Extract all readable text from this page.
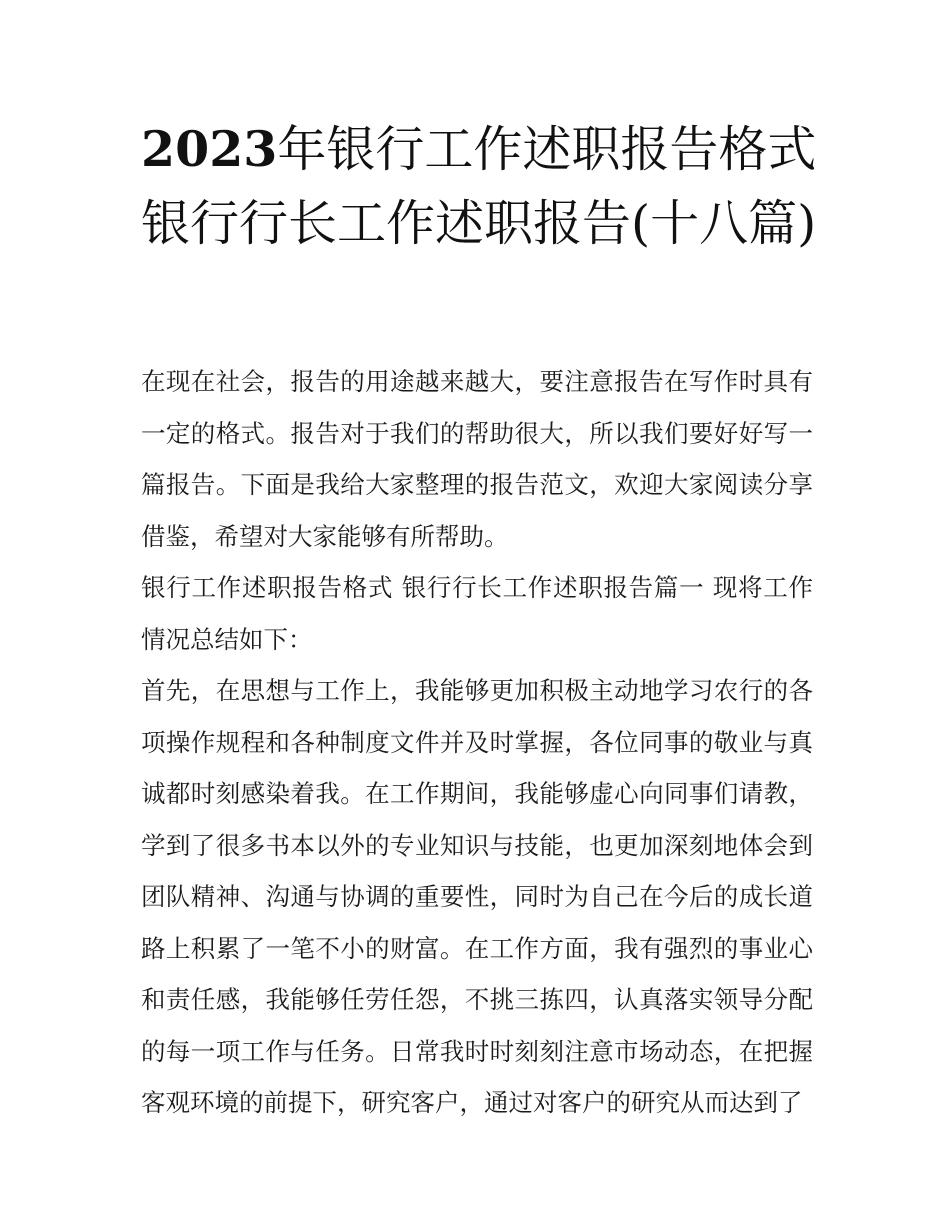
2023年银行工作述职报告格式银行行长工作述职报告(十八篇)

在现在社会，报告的用途越来越大，要注意报告在写作时具有一定的格式。报告对于我们的帮助很大，所以我们要好好写一篇报告。下面是我给大家整理的报告范文，欢迎大家阅读分享借鉴，希望对大家能够有所帮助。

银行工作述职报告格式 银行行长工作述职报告篇一 现将工作情况总结如下：

首先，在思想与工作上，我能够更加积极主动地学习农行的各项操作规程和各种制度文件并及时掌握，各位同事的敬业与真诚都时刻感染着我。在工作期间，我能够虚心向同事们请教，学到了很多书本以外的专业知识与技能，也更加深刻地体会到团队精神、沟通与协调的重要性，同时为自己在今后的成长道路上积累了一笔不小的财富。在工作方面，我有强烈的事业心和责任感，我能够任劳任怨，不挑三拣四，认真落实领导分配的每一项工作与任务。日常我时时刻刻注意市场动态，在把握客观环境的前提下，研究客户，通过对客户的研究从而达到了
